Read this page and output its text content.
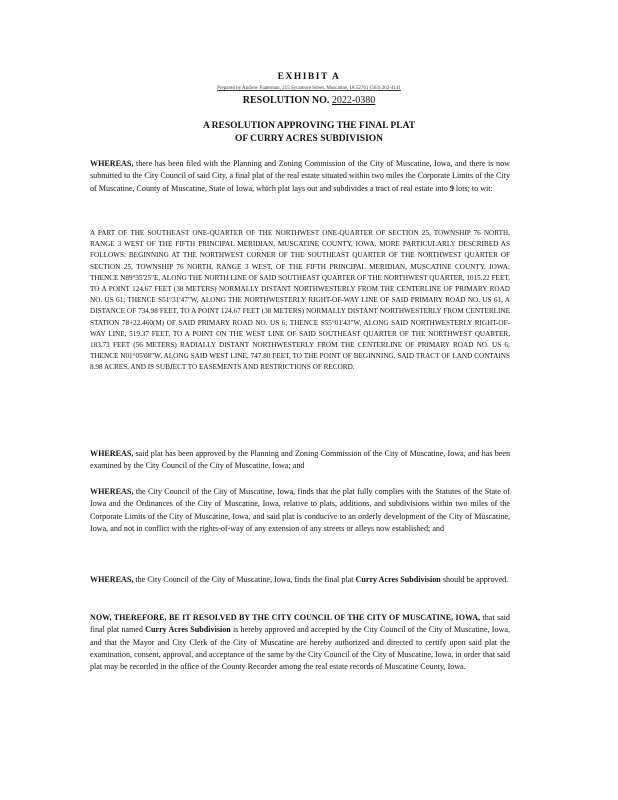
EXHIBIT A
Prepared by Andrew Fiaterman, 215 Sycamore Street, Muscatine, IA 52761 (563) 262-4141
RESOLUTION NO. 2022-0380
A RESOLUTION APPROVING THE FINAL PLAT
OF CURRY ACRES SUBDIVISION

WHEREAS, there has been filed with the Planning and Zoning Commission of the City of Muscatine, Iowa, and there is now submitted to the City Council of said City, a final plat of the real estate situated within two miles the Corporate Limits of the City of Muscatine, County of Muscatine, State of Iowa, which plat lays out and subdivides a tract of real estate into 9 lots; to wit:

A PART OF THE SOUTHEAST ONE-QUARTER OF THE NORTHWEST ONE-QUARTER OF SECTION 25, TOWNSHIP 76 NORTH, RANGE 3 WEST OF THE FIFTH PRINCIPAL MERIDIAN, MUSCATINE COUNTY, IOWA, MORE PARTICULARLY DESCRIBED AS FOLLOWS: BEGINNING AT THE NORTHWEST CORNER OF THE SOUTHEAST QUARTER OF THE NORTHWEST QUARTER OF SECTION 25, TOWNSHIP 76 NORTH, RANGE 3 WEST, OF THE FIFTH PRINCIPAL MERIDIAN, MUSCATINE COUNTY, IOWA; THENCE N89°35'25"E, ALONG THE NORTH LINE OF SAID SOUTHEAST QUARTER OF THE NORTHWEST QUARTER, 1015.22 FEET, TO A POINT 124.67 FEET (38 METERS) NORMALLY DISTANT NORTHWESTERLY FROM THE CENTERLINE OF PRIMARY ROAD NO. US 61; THENCE S51°31'47"W, ALONG THE NORTHWESTERLY RIGHT-OF-WAY LINE OF SAID PRIMARY ROAD NO. US 61, A DISTANCE OF 734.98 FEET, TO A POINT 124.67 FEET (38 METERS) NORMALLY DISTANT NORTHWESTERLY FROM CENTERLINE STATION 78+22.460(M) OF SAID PRIMARY ROAD NO. US 6; THENCE S55°01'43"W, ALONG SAID NORTHWESTERLY RIGHT-OF-WAY LINE, 519.37 FEET, TO A POINT ON THE WEST LINE OF SAID SOUTHEAST QUARTER OF THE NORTHWEST QUARTER, 183.73 FEET (56 METERS) RADIALLY DISTANT NORTHWESTERLY FROM THE CENTERLINE OF PRIMARY ROAD NO. US 6; THENCE N01°05'08"W, ALONG SAID WEST LINE, 747.80 FEET, TO THE POINT OF BEGINNING. SAID TRACT OF LAND CONTAINS 8.98 ACRES, AND IS SUBJECT TO EASEMENTS AND RESTRICTIONS OF RECORD.

WHEREAS, said plat has been approved by the Planning and Zoning Commission of the City of Muscatine, Iowa, and has been examined by the City Council of the City of Muscatine, Iowa; and

WHEREAS, the City Council of the City of Muscatine, Iowa, finds that the plat fully complies with the Statutes of the State of Iowa and the Ordinances of the City of Muscatine, Iowa, relative to plats, additions, and subdivisions within two miles of the Corporate Limits of the City of Muscatine, Iowa, and said plat is conducive to an orderly development of the City of Muscatine, Iowa, and not in conflict with the rights-of-way of any extension of any streets or alleys now established; and

WHEREAS, the City Council of the City of Muscatine, Iowa, finds the final plat Curry Acres Subdivision should be approved.

NOW, THEREFORE, BE IT RESOLVED BY THE CITY COUNCIL OF THE CITY OF MUSCATINE, IOWA, that said final plat named Curry Acres Subdivision is hereby approved and accepted by the City Council of the City of Muscatine, Iowa, and that the Mayor and City Clerk of the City of Muscatine are hereby authorized and directed to certify upon said plat the examination, consent, approval, and acceptance of the same by the City Council of the City of Muscatine, Iowa, in order that said plat may be recorded in the office of the County Recorder among the real estate records of Muscatine County, Iowa.
